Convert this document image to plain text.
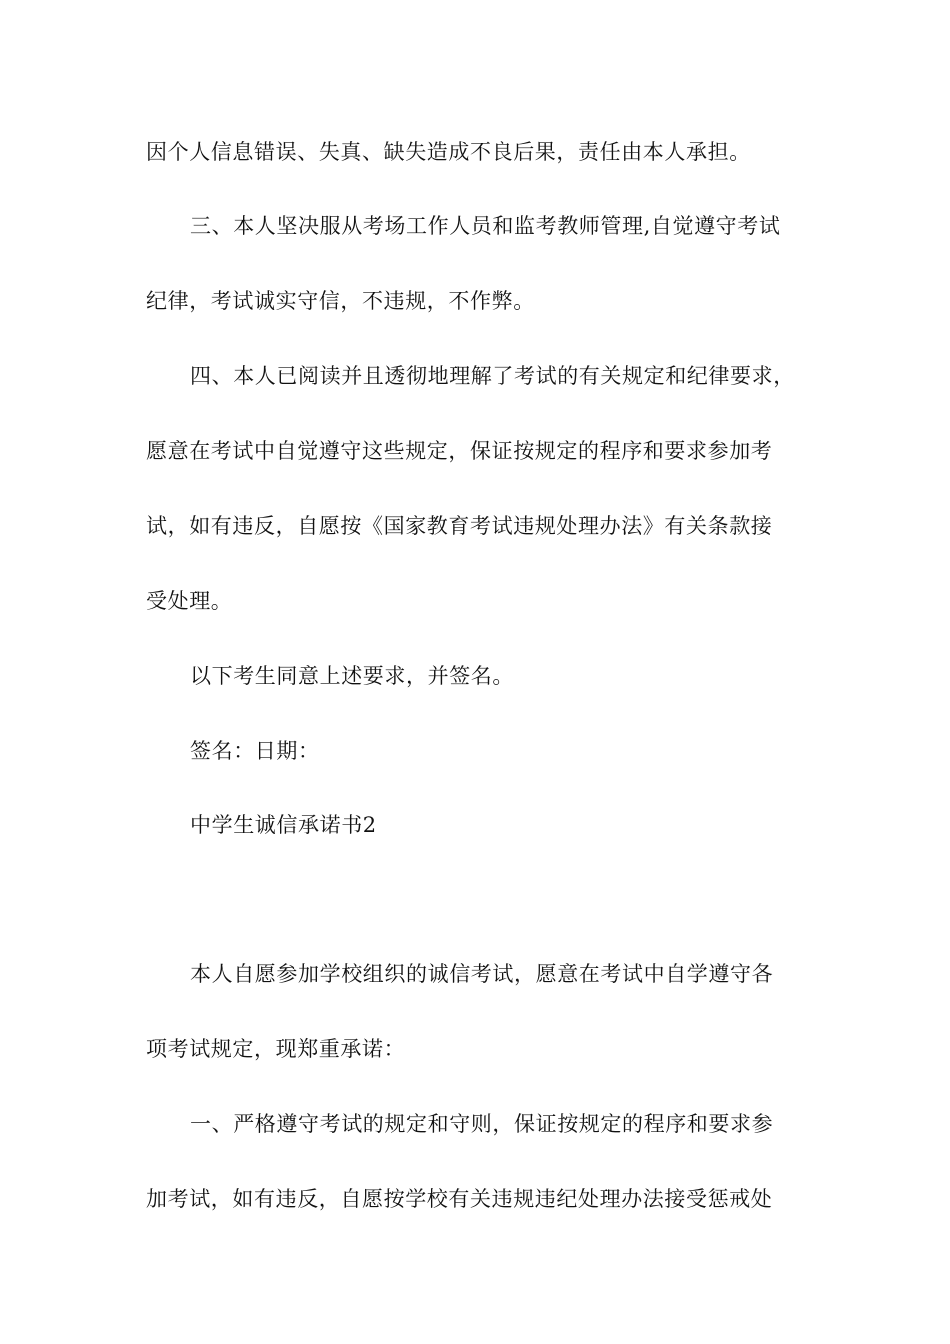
因个人信息错误、失真、缺失造成不良后果，责任由本人承担。
三、本人坚决服从考场工作人员和监考教师管理,自觉遵守考试
纪律，考试诚实守信，不违规，不作弊。
四、本人已阅读并且透彻地理解了考试的有关规定和纪律要求，
愿意在考试中自觉遵守这些规定，保证按规定的程序和要求参加考
试，如有违反，自愿按《国家教育考试违规处理办法》有关条款接
受处理。
以下考生同意上述要求，并签名。
签名：日期：
中学生诚信承诺书2
本人自愿参加学校组织的诚信考试，愿意在考试中自学遵守各
项考试规定，现郑重承诺：
一、严格遵守考试的规定和守则，保证按规定的程序和要求参
加考试，如有违反，自愿按学校有关违规违纪处理办法接受惩戒处
